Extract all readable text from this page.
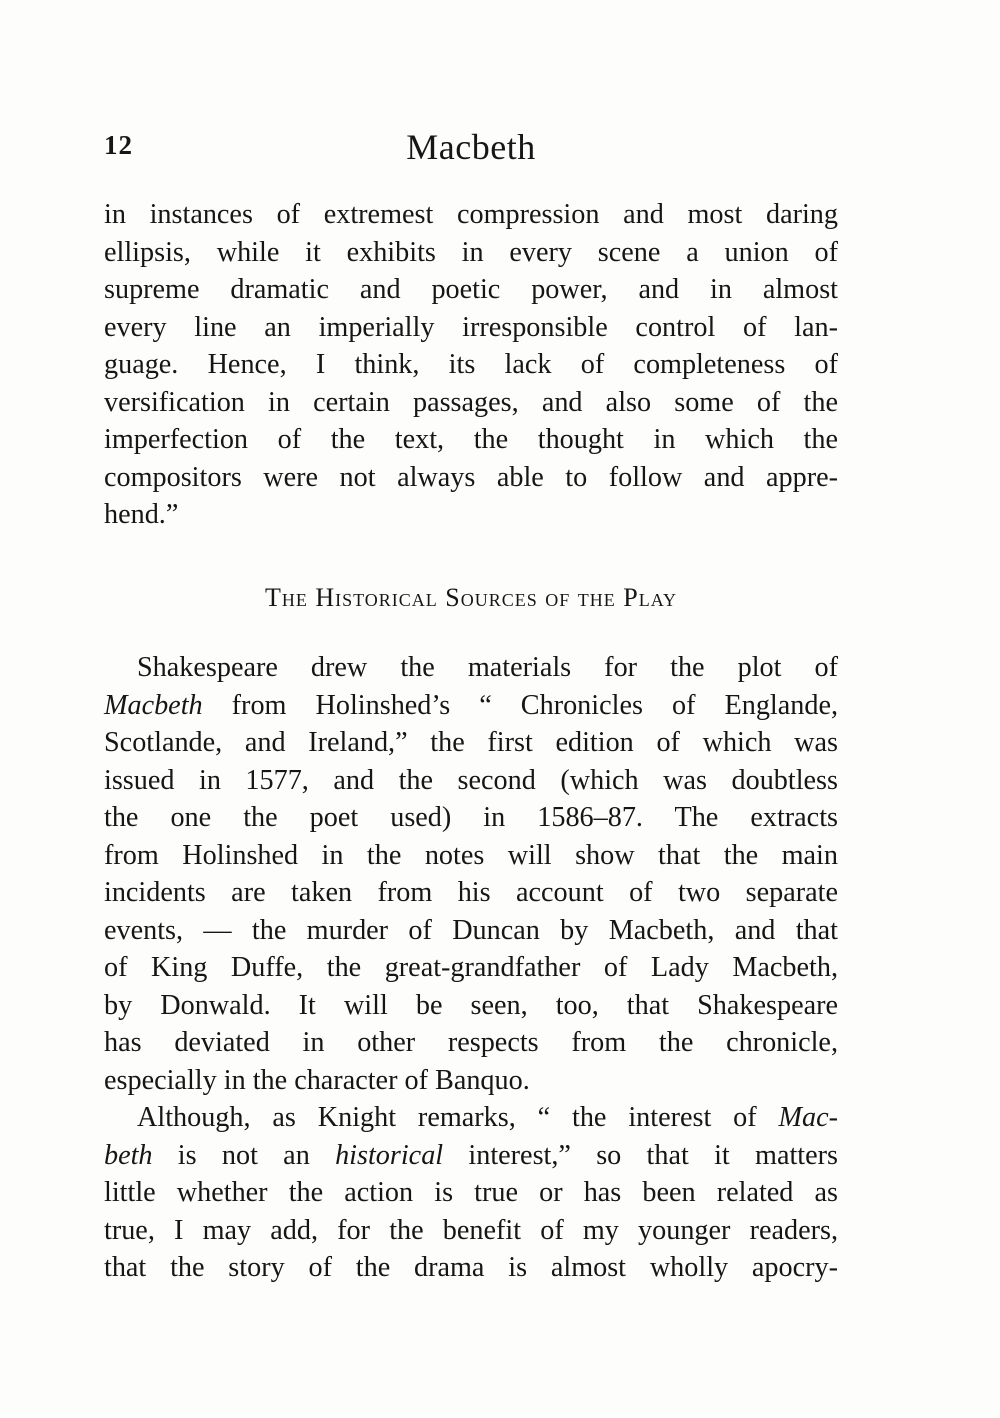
12	Macbeth
in instances of extremest compression and most daring
ellipsis, while it exhibits in every scene a union of
supreme dramatic and poetic power, and in almost
every line an imperially irresponsible control of lan-
guage. Hence, I think, its lack of completeness of
versification in certain passages, and also some of the
imperfection of the text, the thought in which the
compositors were not always able to follow and appre-
hend.”
The Historical Sources of the Play
Shakespeare drew the materials for the plot of
Macbeth from Holinshed’s “ Chronicles of Englande,
Scotlande, and Ireland,” the first edition of which was
issued in 1577, and the second (which was doubtless
the one the poet used) in 1586–87. The extracts
from Holinshed in the notes will show that the main
incidents are taken from his account of two separate
events, — the murder of Duncan by Macbeth, and that
of King Duffe, the great-grandfather of Lady Macbeth,
by Donwald. It will be seen, too, that Shakespeare
has deviated in other respects from the chronicle,
especially in the character of Banquo.
Although, as Knight remarks, “ the interest of Mac-
beth is not an historical interest,” so that it matters
little whether the action is true or has been related as
true, I may add, for the benefit of my younger readers,
that the story of the drama is almost wholly apocry-
